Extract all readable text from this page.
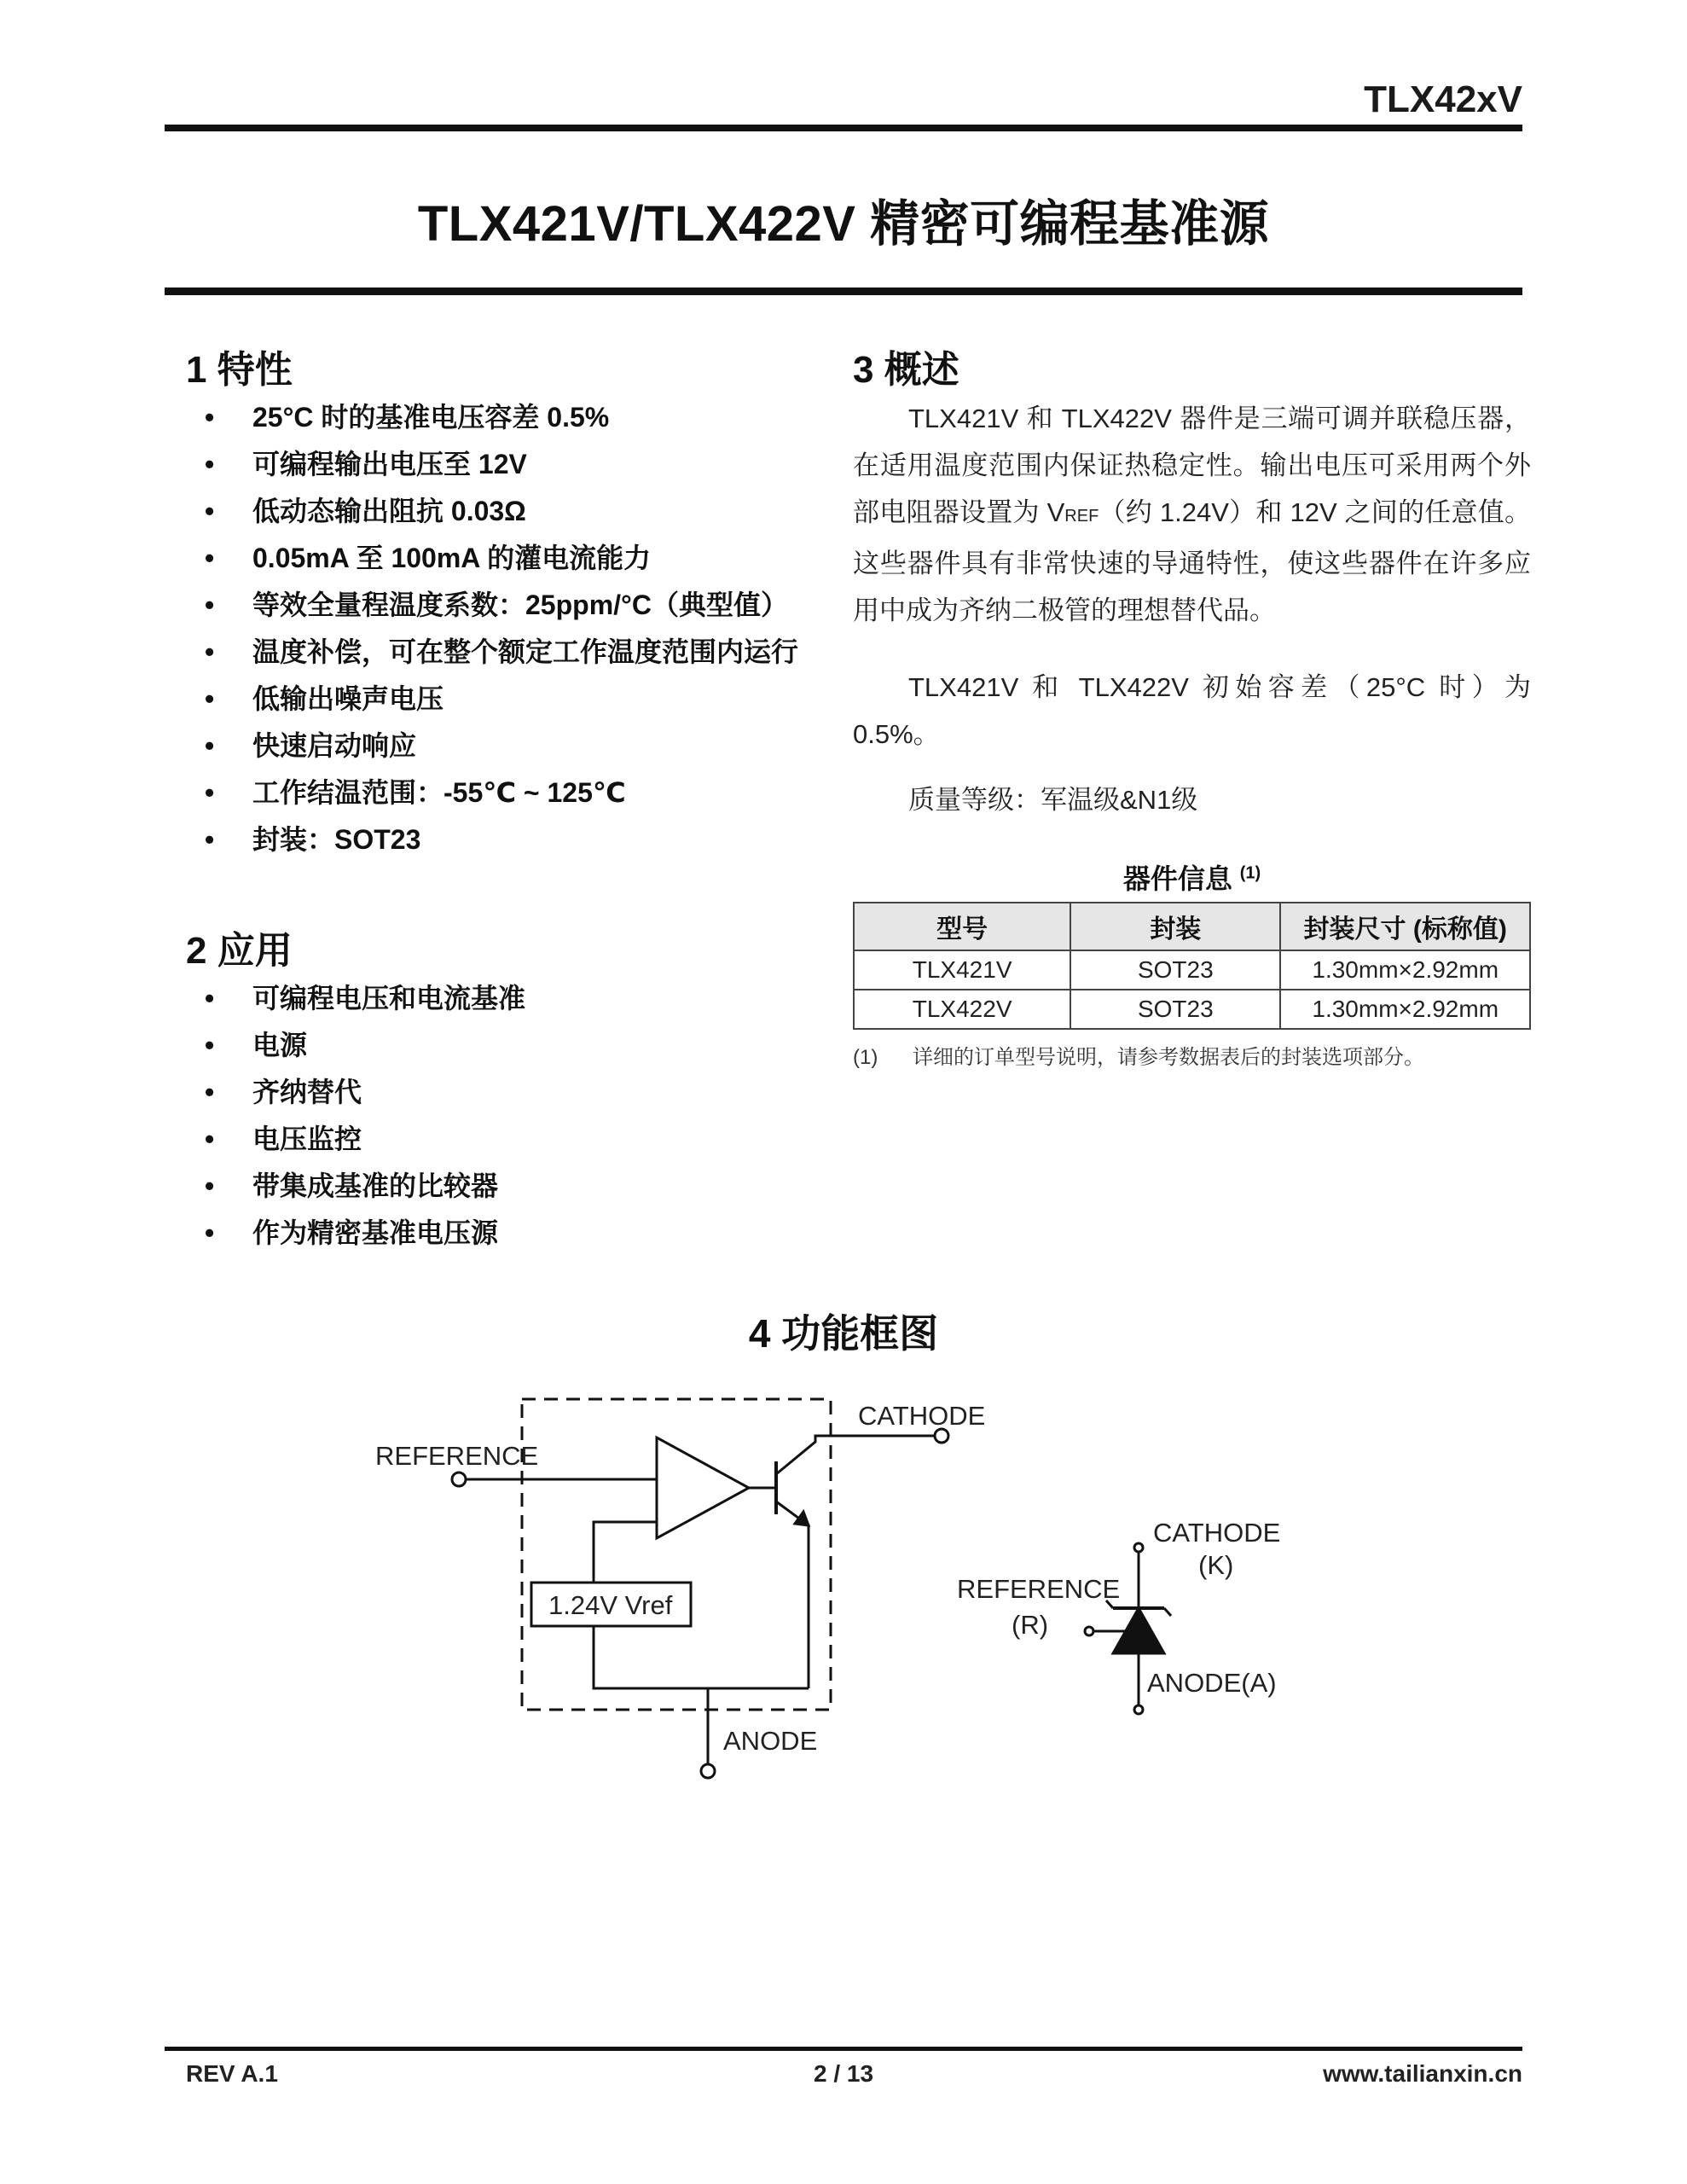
TLX42xV
TLX421V/TLX422V 精密可编程基准源
1 特性
• 25°C 时的基准电压容差 0.5%
• 可编程输出电压至 12V
• 低动态输出阻抗 0.03Ω
• 0.05mA 至 100mA 的灌电流能力
• 等效全量程温度系数：25ppm/°C（典型值）
• 温度补偿，可在整个额定工作温度范围内运行
• 低输出噪声电压
• 快速启动响应
• 工作结温范围：-55℃ ~ 125℃
• 封装：SOT23
2 应用
• 可编程电压和电流基准
• 电源
• 齐纳替代
• 电压监控
• 带集成基准的比较器
• 作为精密基准电压源
3 概述

TLX421V 和 TLX422V 器件是三端可调并联稳压器，在适用温度范围内保证热稳定性。输出电压可采用两个外部电阻器设置为 VREF（约 1.24V）和 12V 之间的任意值。这些器件具有非常快速的导通特性，使这些器件在许多应用中成为齐纳二极管的理想替代品。

TLX421V 和 TLX422V 初始容差（25°C 时）为 0.5%。

质量等级：军温级&N1级

器件信息 $^{(1)}$
型号	封装	封装尺寸 (标称值)
TLX421V	SOT23	1.30mm×2.92mm
TLX422V	SOT23	1.30mm×2.92mm
(1) 详细的订单型号说明，请参考数据表后的封装选项部分。
4 功能框图
REFERENCE
CATHODE
ANODE
1.24V Vref
CATHODE
(K)
REFERENCE
(R)
ANODE(A)
REV A.1	2 / 13	www.tailianxin.cn
